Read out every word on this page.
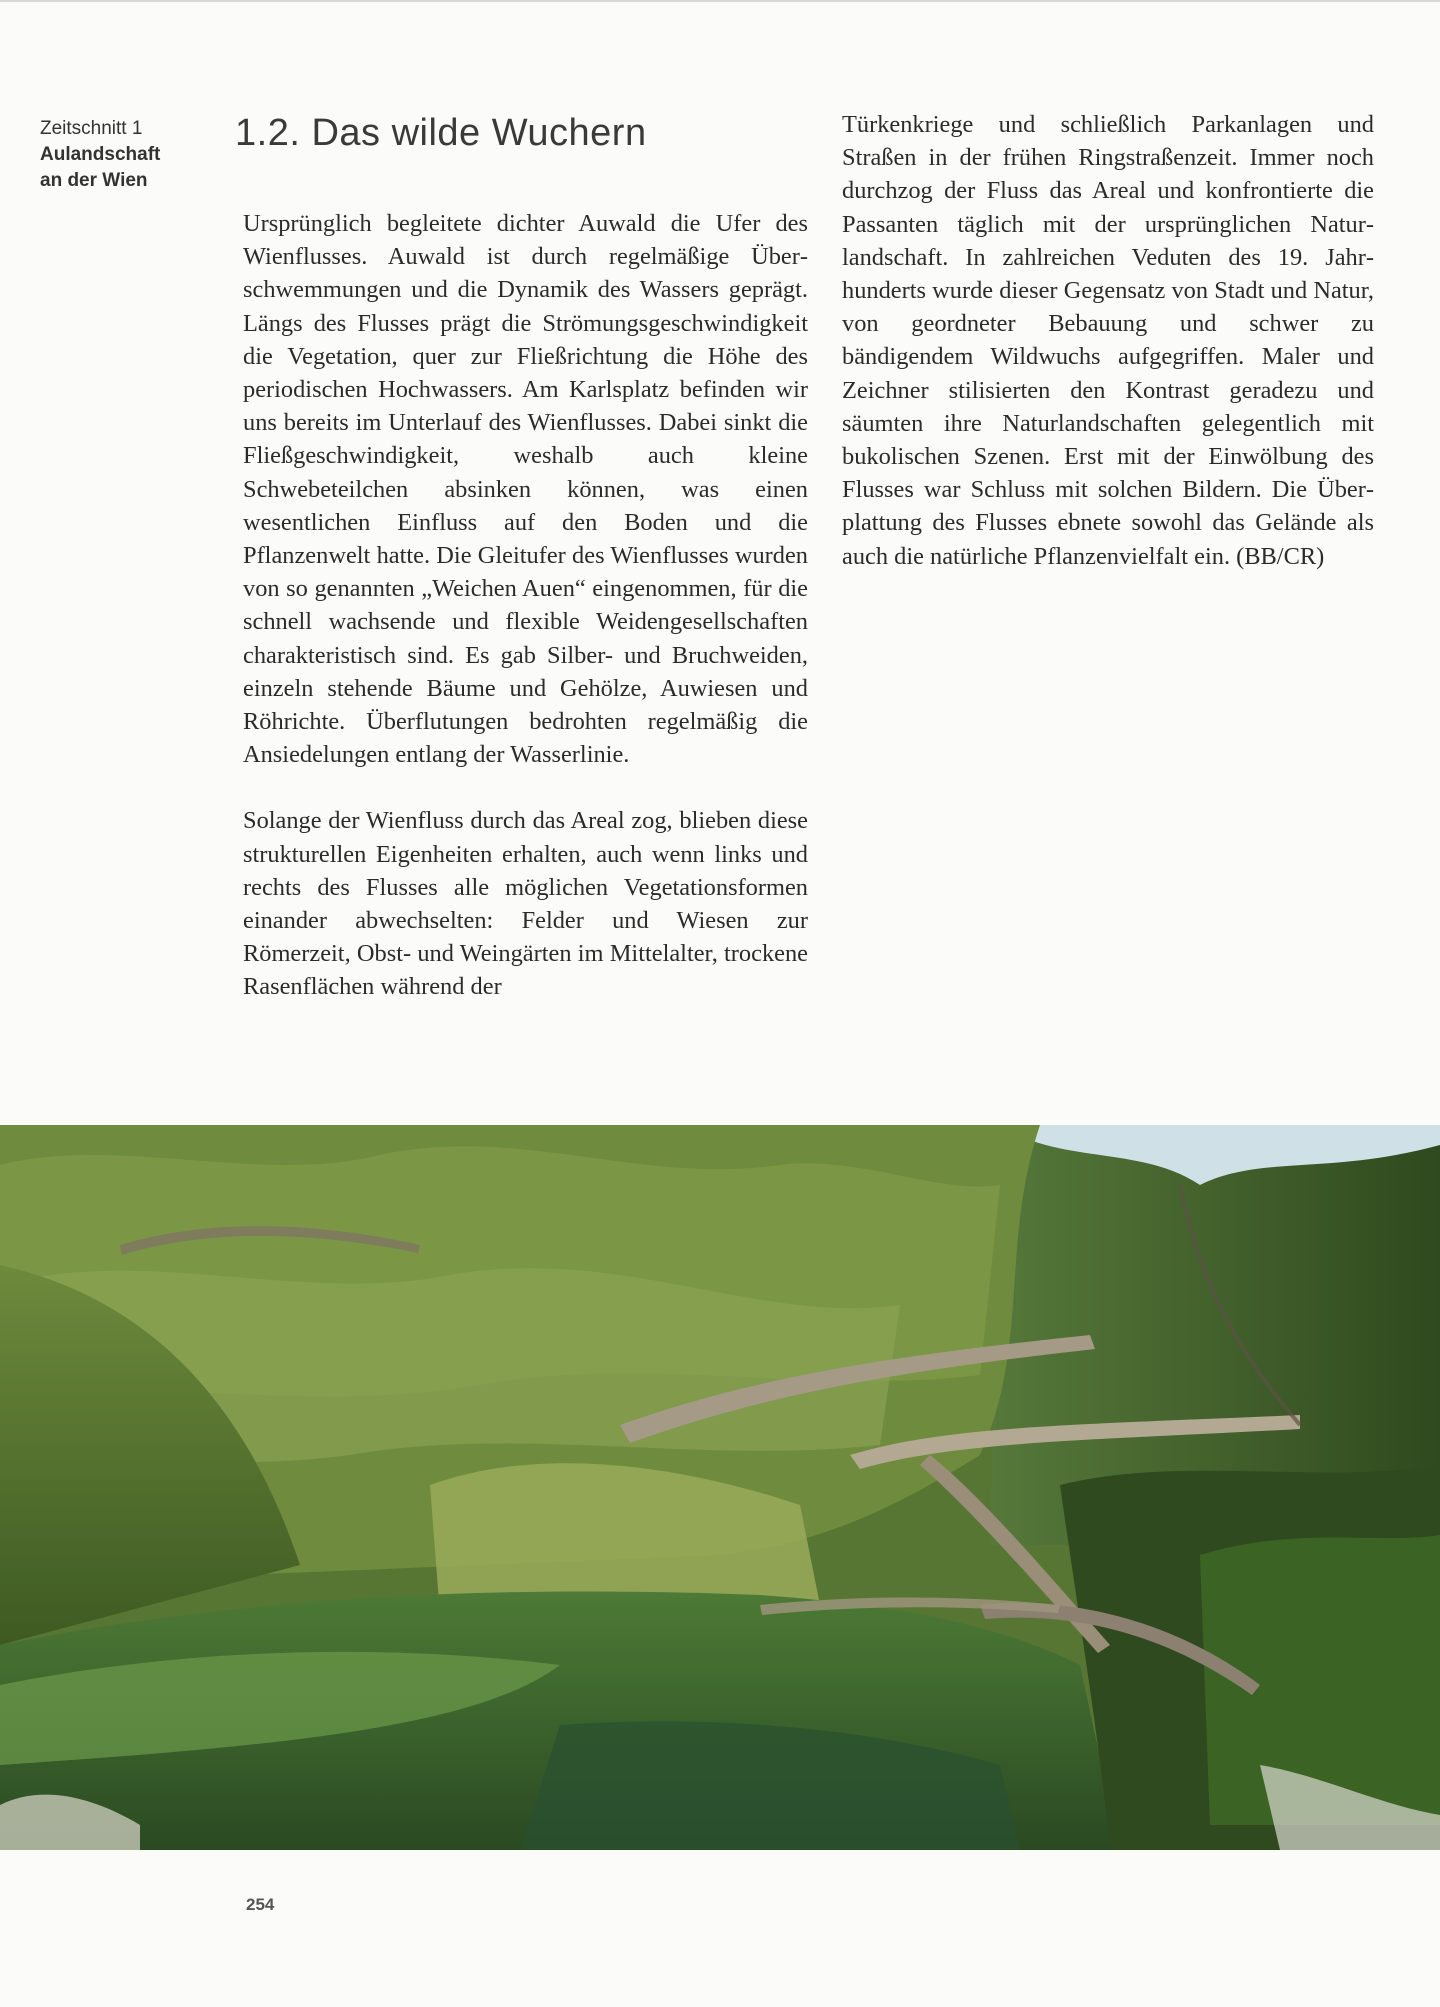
Zeitschnitt 1
Aulandschaft
an der Wien
1.2. Das wilde Wuchern

Ursprünglich begleitete dichter Auwald die Ufer des Wienflusses. Auwald ist durch regelmäßige Überschwemmungen und die Dynamik des Wassers geprägt. Längs des Flusses prägt die Strömungsgeschwindigkeit die Vegetation, quer zur Fließrichtung die Höhe des periodischen Hochwassers. Am Karlsplatz befinden wir uns bereits im Unterlauf des Wienflusses. Dabei sinkt die Fließgeschwindigkeit, weshalb auch kleine Schwebeteilchen absinken können, was einen wesentlichen Einfluss auf den Boden und die Pflanzenwelt hatte. Die Gleitufer des Wienflusses wurden von so genannten „Weichen Auen“ eingenommen, für die schnell wachsende und flexible Weidengesellschaften charakteristisch sind. Es gab Silber- und Bruchweiden, einzeln stehende Bäume und Gehölze, Auwiesen und Röhrichte. Überflutungen bedrohten regelmäßig die Ansiedelungen entlang der Wasserlinie.

Solange der Wienfluss durch das Areal zog, blieben diese strukturellen Eigenheiten erhalten, auch wenn links und rechts des Flusses alle möglichen Vegetationsformen einander abwechselten: Felder und Wiesen zur Römerzeit, Obst- und Weingärten im Mittelalter, trockene Rasenflächen während der

Türkenkriege und schließlich Parkanlagen und Straßen in der frühen Ringstraßenzeit. Immer noch durchzog der Fluss das Areal und konfrontierte die Passanten täglich mit der ursprünglichen Naturlandschaft. In zahlreichen Veduten des 19. Jahrhunderts wurde dieser Gegensatz von Stadt und Natur, von geordneter Bebauung und schwer zu bändigendem Wildwuchs aufgegriffen. Maler und Zeichner stilisierten den Kontrast geradezu und säumten ihre Naturlandschaften gelegentlich mit bukolischen Szenen. Erst mit der Einwölbung des Flusses war Schluss mit solchen Bildern. Die Überplattung des Flusses ebnete sowohl das Gelände als auch die natürliche Pflanzenvielfalt ein. (BB/CR)

254
